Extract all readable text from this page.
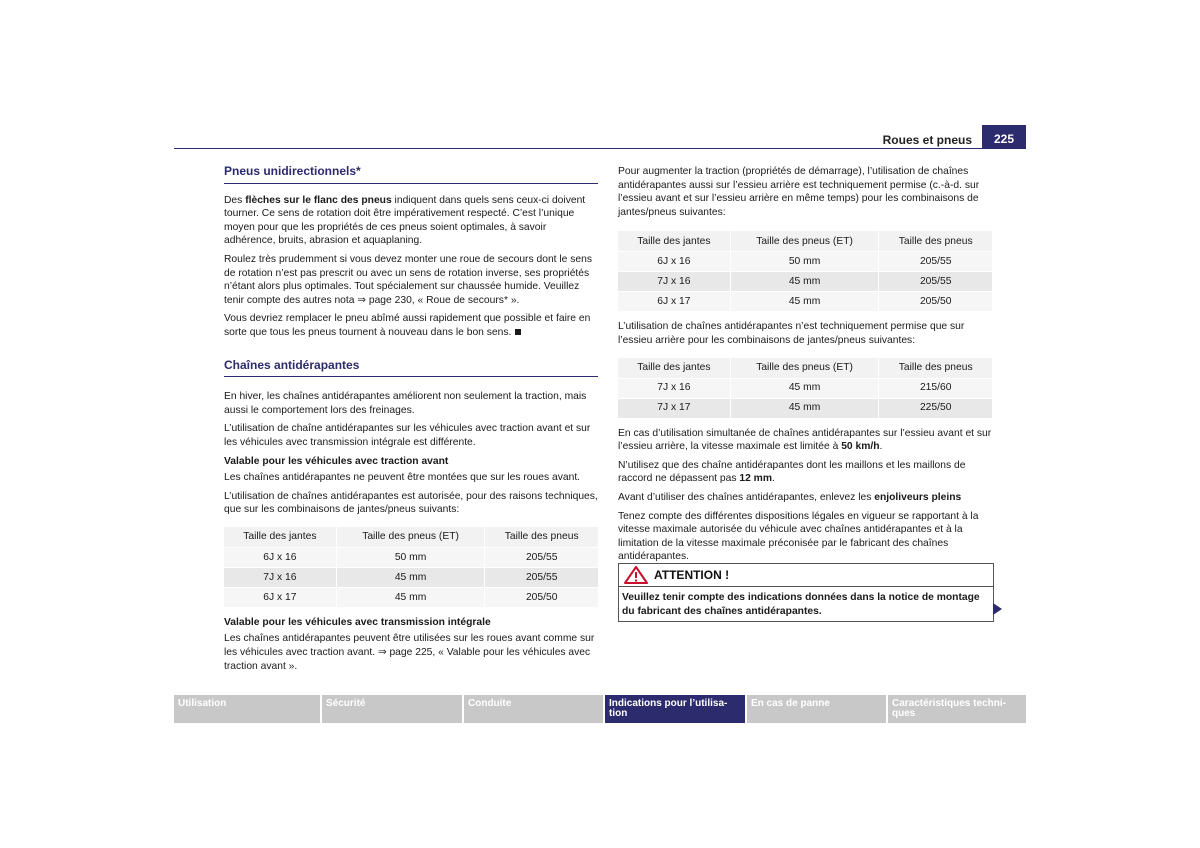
Roues et pneus	225
Pneus unidirectionnels*

Des flèches sur le flanc des pneus indiquent dans quels sens ceux-ci doivent tourner. Ce sens de rotation doit être impérativement respecté. C’est l’unique moyen pour que les propriétés de ces pneus soient optimales, à savoir adhérence, bruits, abrasion et aquaplaning.

Roulez très prudemment si vous devez monter une roue de secours dont le sens de rotation n’est pas prescrit ou avec un sens de rotation inverse, ses propriétés n’étant alors plus optimales. Tout spécialement sur chaussée humide. Veuillez tenir compte des autres nota ⇒ page 230, « Roue de secours* ».

Vous devriez remplacer le pneu abîmé aussi rapidement que possible et faire en sorte que tous les pneus tournent à nouveau dans le bon sens.

Chaînes antidérapantes

En hiver, les chaînes antidérapantes améliorent non seulement la traction, mais aussi le comportement lors des freinages.

L’utilisation de chaîne antidérapantes sur les véhicules avec traction avant et sur les véhicules avec transmission intégrale est différente.

Valable pour les véhicules avec traction avant

Les chaînes antidérapantes ne peuvent être montées que sur les roues avant.

L’utilisation de chaînes antidérapantes est autorisée, pour des raisons techniques, que sur les combinaisons de jantes/pneus suivants:

Taille des jantes	Taille des pneus (ET)	Taille des pneus
6J x 16	50 mm	205/55
7J x 16	45 mm	205/55
6J x 17	45 mm	205/50
Valable pour les véhicules avec transmission intégrale

Les chaînes antidérapantes peuvent être utilisées sur les roues avant comme sur les véhicules avec traction avant. ⇒ page 225, « Valable pour les véhicules avec traction avant ».

Pour augmenter la traction (propriétés de démarrage), l’utilisation de chaînes antidérapantes aussi sur l’essieu arrière est techniquement permise (c.-à-d. sur l’essieu avant et sur l’essieu arrière en même temps) pour les combinaisons de jantes/pneus suivantes:

Taille des jantes	Taille des pneus (ET)	Taille des pneus
6J x 16	50 mm	205/55
7J x 16	45 mm	205/55
6J x 17	45 mm	205/50

L’utilisation de chaînes antidérapantes n’est techniquement permise que sur l’essieu arrière pour les combinaisons de jantes/pneus suivantes:

Taille des jantes	Taille des pneus (ET)	Taille des pneus
7J x 16	45 mm	215/60
7J x 17	45 mm	225/50

En cas d’utilisation simultanée de chaînes antidérapantes sur l’essieu avant et sur l’essieu arrière, la vitesse maximale est limitée à 50 km/h.

N’utilisez que des chaîne antidérapantes dont les maillons et les maillons de raccord ne dépassent pas 12 mm.

Avant d’utiliser des chaînes antidérapantes, enlevez les enjoliveurs pleins

Tenez compte des différentes dispositions légales en vigueur se rapportant à la vitesse maximale autorisée du véhicule avec chaînes antidérapantes et à la limitation de la vitesse maximale préconisée par le fabricant des chaînes antidérapantes.

ATTENTION !
Veuillez tenir compte des indications données dans la notice de montage du fabricant des chaînes antidérapantes.
Utilisation	Sécurité	Conduite	Indications pour l’utilisa-
tion
En cas de panne	Caractéristiques techni-
ques
